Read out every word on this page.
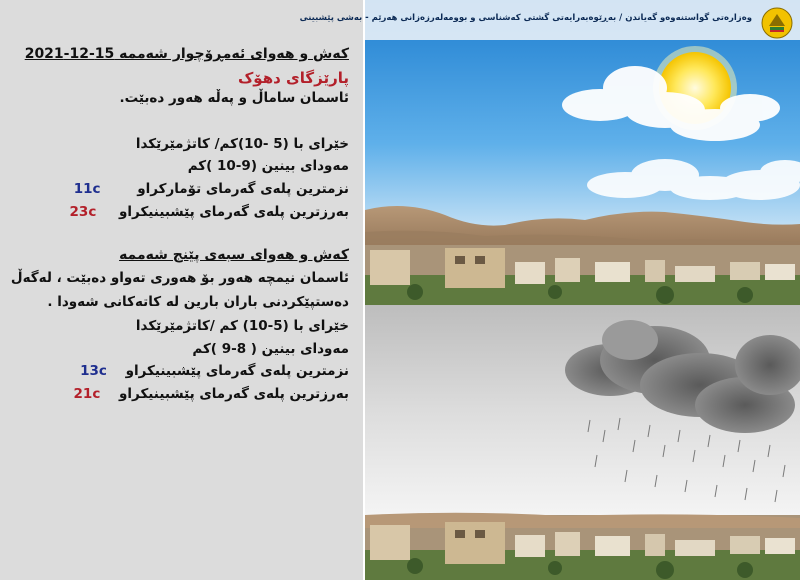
کەش و هەوای ئەمڕۆچوار شەممە 15-12-2021
پارێزگای دهۆک
ئاسمان ساماڵ و پەڵە هەور دەبێت.
خێرای با (5 -10)کم/ کاتژمێرێکدا
مەودای بینین (9-10 )کم
نزمترین پلەی گەرمای تۆمارکراو 11c
بەرزترین پلەی گەرمای پێشبینیکراو 23c
کەش و هەوای سبەی پێنج شەممە
ئاسمان نیمچە هەور بۆ هەوری تەواو دەبێت ، لەگەڵ
دەستپێکردنی باران بارین لە کاتەکانی شەودا .
خێرای با (5-10) کم /کاتژمێرێکدا
مەودای بینین ( 8-9 )کم
نزمترین پلەی گەرمای پێشبینیکراو 13c
بەرزترین پلەی گەرمای پێشبینیکراو 21c
وەزارەتی گواستنەوەو گەیاندن / بەڕێوەبەرایەتی گشتی کەشناسی و بوومەلەرزەزانی هەرێم - بەشی پێشبینی
